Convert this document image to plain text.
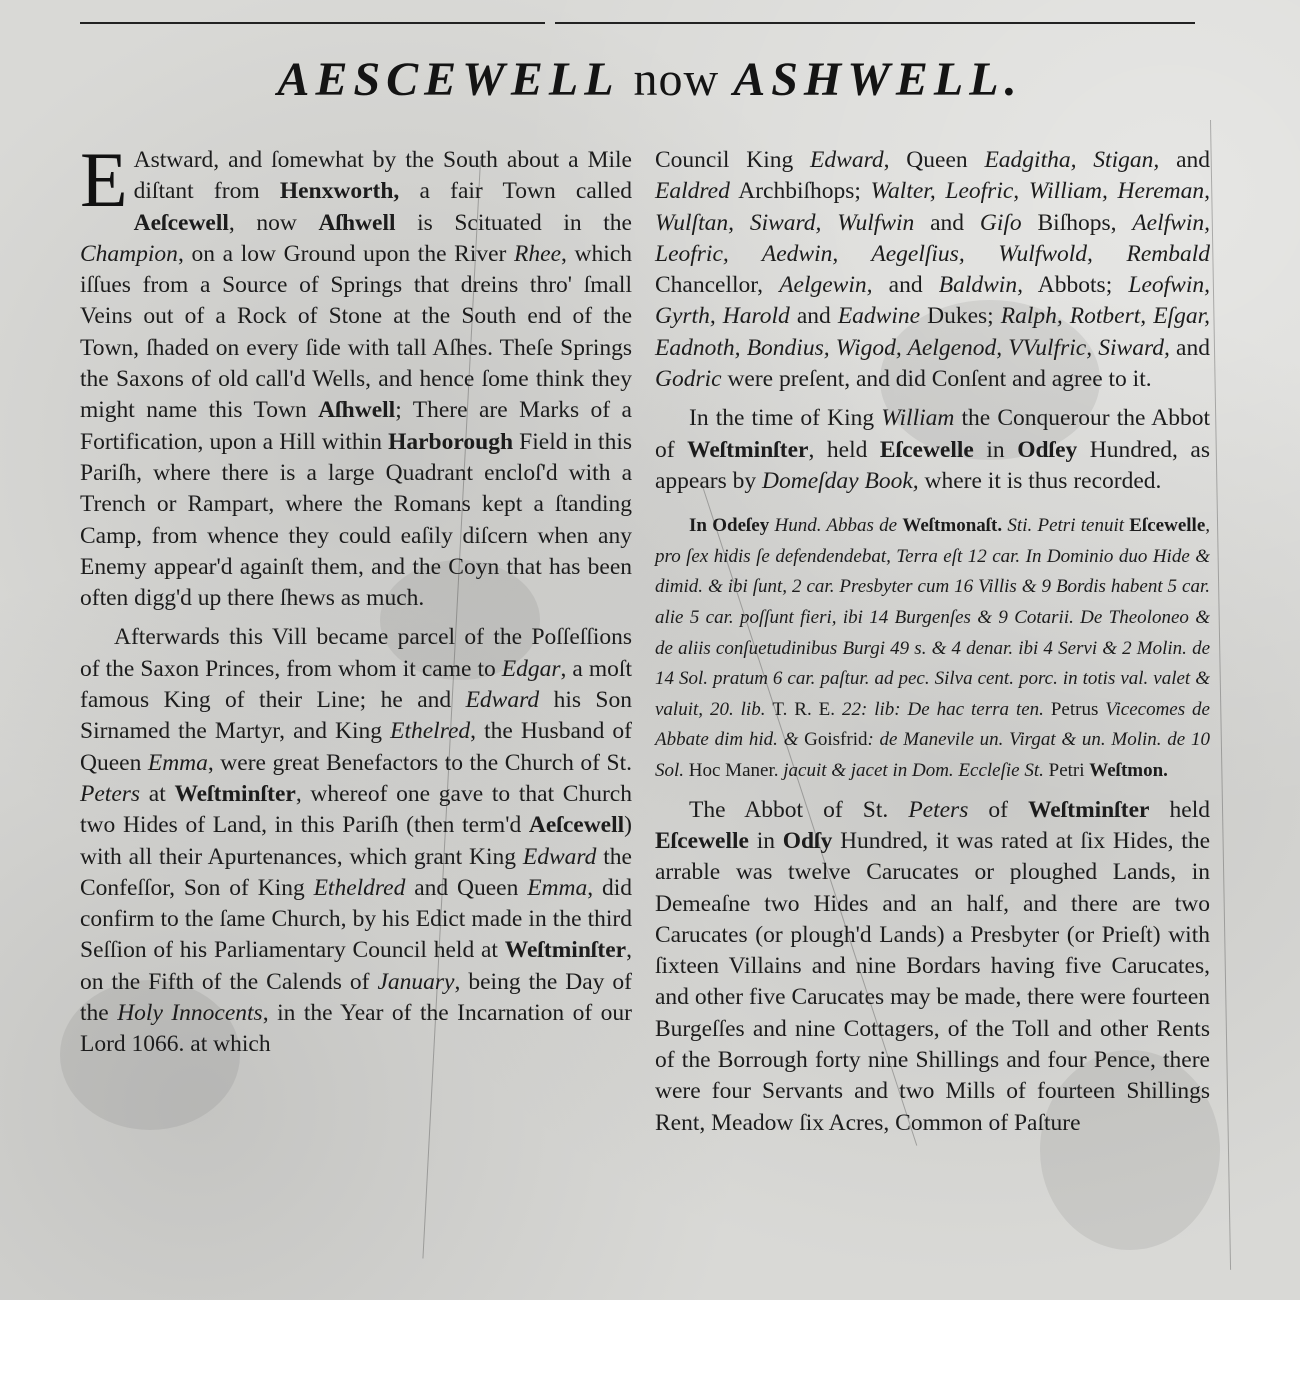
AESCEWELL now ASHWELL.

E Astward, and ſomewhat by the South about a Mile diſtant from Henxworth, a fair Town called Aeſcewell, now Aſhwell is Scituated in the Champion, on a low Ground upon the River Rhee, which iſſues from a Source of Springs that dreins thro' ſmall Veins out of a Rock of Stone at the South end of the Town, ſhaded on every ſide with tall Aſhes. Theſe Springs the Saxons of old call'd Wells, and hence ſome think they might name this Town Aſhwell; There are Marks of a Fortification, upon a Hill within Harborough Field in this Pariſh, where there is a large Quadrant encloſ'd with a Trench or Rampart, where the Romans kept a ſtanding Camp, from whence they could eaſily diſcern when any Enemy appear'd againſt them, and the Coyn that has been often digg'd up there ſhews as much.

Afterwards this Vill became parcel of the Poſſeſſions of the Saxon Princes, from whom it came to Edgar, a moſt famous King of their Line; he and Edward his Son Sirnamed the Martyr, and King Ethelred, the Husband of Queen Emma, were great Benefactors to the Church of St. Peters at Weſtminſter, whereof one gave to that Church two Hides of Land, in this Pariſh (then term'd Aeſcewell) with all their Apurtenances, which grant King Edward the Confeſſor, Son of King Etheldred and Queen Emma, did confirm to the ſame Church, by his Edict made in the third Seſſion of his Parliamentary Council held at Weſtminſter, on the Fifth of the Calends of January, being the Day of the Holy Innocents, in the Year of the Incarnation of our Lord 1066. at which

Council King Edward, Queen Eadgitha, Stigan, and Ealdred Archbiſhops; Walter, Leofric, William, Hereman, Wulſtan, Siward, Wulfwin and Giſo Biſhops, Aelfwin, Leofric, Aedwin, Aegelſius, Wulfwold, Rembald Chancellor, Aelgewin, and Baldwin, Abbots; Leofwin, Gyrth, Harold and Eadwine Dukes; Ralph, Rotbert, Eſgar, Eadnoth, Bondius, Wigod, Aelgenod, VVulfric, Siward, and Godric were preſent, and did Conſent and agree to it.

In the time of King William the Conquerour the Abbot of Weſtminſter, held Eſcewelle in Odſey Hundred, as appears by Domeſday Book, where it is thus recorded.

In Odeſey Hund. Abbas de Weſtmonaſt. Sti. Petri tenuit Eſcewelle, pro ſex hidis ſe defendendebat, Terra eſt 12 car. In Dominio duo Hide & dimid. & ibi ſunt, 2 car. Presbyter cum 16 Villis & 9 Bordis habent 5 car. alie 5 car. poſſunt fieri, ibi 14 Burgenſes & 9 Cotarii. De Theoloneo & de aliis conſuetudinibus Burgi 49 s. & 4 denar. ibi 4 Servi & 2 Molin. de 14 Sol. pratum 6 car. paſtur. ad pec. Silva cent. porc. in totis val. valet & valuit, 20. lib. T. R. E. 22: lib: De hac terra ten. Petrus Vicecomes de Abbate dim hid. & Goisfrid: de Manevile un. Virgat & un. Molin. de 10 Sol. Hoc Maner. jacuit & jacet in Dom. Eccleſie St. Petri Weſtmon.

The Abbot of St. Peters of Weſtminſter held Eſcewelle in Odſy Hundred, it was rated at ſix Hides, the arrable was twelve Carucates or ploughed Lands, in Demeaſne two Hides and an half, and there are two Carucates (or plough'd Lands) a Presbyter (or Prieſt) with ſixteen Villains and nine Bordars having five Carucates, and other five Carucates may be made, there were fourteen Burgeſſes and nine Cottagers, of the Toll and other Rents of the Borrough forty nine Shillings and four Pence, there were four Servants and two Mills of fourteen Shillings Rent, Meadow ſix Acres, Common of Paſture
